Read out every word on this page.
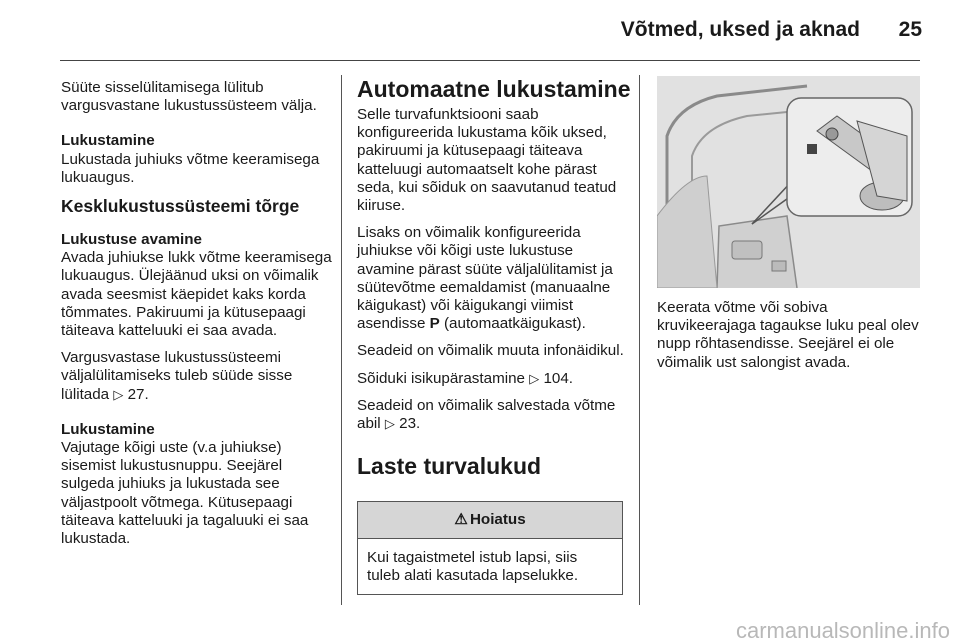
Võtmed, uksed ja aknad	25

Süüte sisselülitamisega lülitub vargusvastane lukustussüsteem välja.

Lukustamine

Lukustada juhiuks võtme keeramisega lukuaugus.

Kesklukustussüsteemi tõrge

Lukustuse avamine

Avada juhiukse lukk võtme keeramisega lukuaugus. Ülejäänud uksi on võimalik avada seesmist käepidet kaks korda tõmmates. Pakiruumi ja kütusepaagi täiteava katteluuki ei saa avada.

Vargusvastase lukustussüsteemi väljalülitamiseks tuleb süüde sisse lülitada ▷ 27.

Lukustamine

Vajutage kõigi uste (v.a juhiukse) sisemist lukustusnuppu. Seejärel sulgeda juhiuks ja lukustada see väljastpoolt võtmega. Kütusepaagi täiteava katteluuki ja tagaluuki ei saa lukustada.

Automaatne lukustamine

Selle turvafunktsiooni saab konfigureerida lukustama kõik uksed, pakiruumi ja kütusepaagi täiteava katteluugi automaatselt kohe pärast seda, kui sõiduk on saavutanud teatud kiiruse.

Lisaks on võimalik konfigureerida juhiukse või kõigi uste lukustuse avamine pärast süüte väljalülitamist ja süütevõtme eemaldamist (manuaalne käigukast) või käigukangi viimist asendisse P (automaatkäigukast).

Seadeid on võimalik muuta infonäidikul.

Sõiduki isikupärastamine ▷ 104.

Seadeid on võimalik salvestada võtme abil ▷ 23.

Laste turvalukud
⚠ Hoiatus
Kui tagaistmetel istub lapsi, siis tuleb alati kasutada lapselukke.

Keerata võtme või sobiva kruvikeerajaga tagaukse luku peal olev nupp rõhtasendisse. Seejärel ei ole võimalik ust salongist avada.

carmanualsonline.info
